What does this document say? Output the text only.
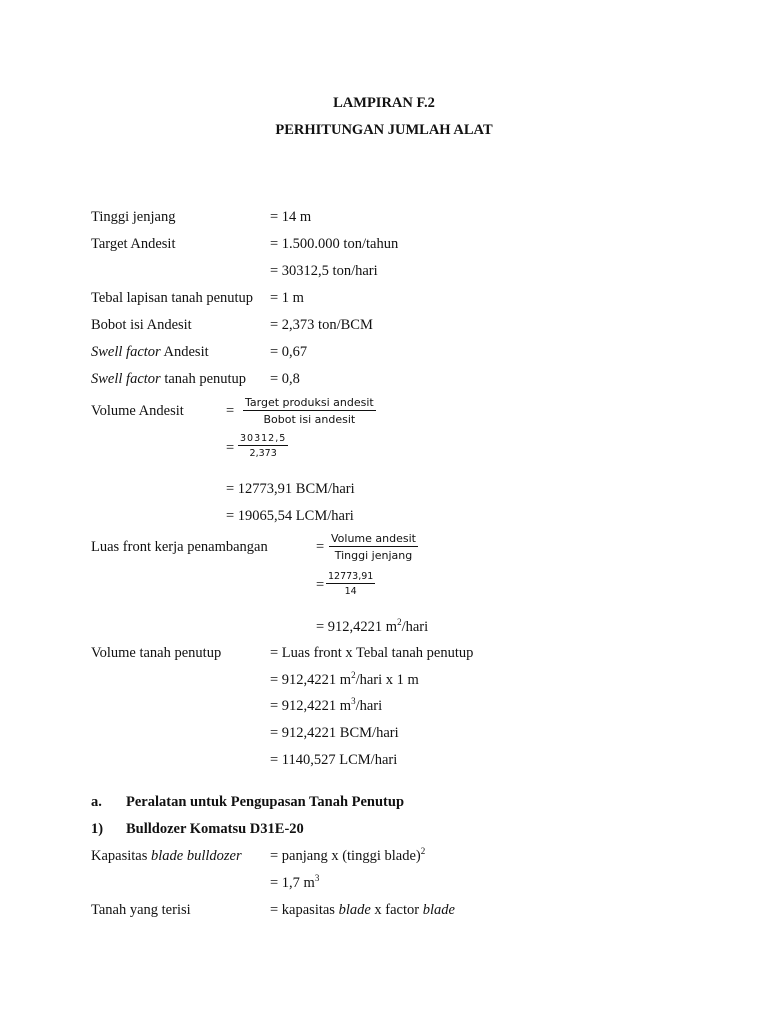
LAMPIRAN F.2
PERHITUNGAN JUMLAH ALAT
Tinggi jenjang	= 14 m
Target Andesit	= 1.500.000 ton/tahun
= 30312,5 ton/hari
Tebal lapisan tanah penutup = 1 m
Bobot isi Andesit	= 2,373 ton/BCM
Swell factor Andesit	= 0,67
Swell factor tanah penutup = 0,8
Volume Andesit	=
Target produksi andesit
Bobot isi andesit
= $\frac{30312,5}{2,373}$
= 12773,91 BCM/hari
= 19065,54 LCM/hari
Luas front kerja penambangan	=
Volume andesit
Tinggi jenjang
= $\frac{12773,91}{14}$
= 912,4221 $m^2$/hari
Volume tanah penutup	= Luas front x Tebal tanah penutup
= 912,4221 $m^2$/hari x 1 m
= 912,4221 $m^3$/hari
= 912,4221 BCM/hari
= 1140,527 LCM/hari
a. Peralatan untuk Pengupasan Tanah Penutup
1) Bulldozer Komatsu D31E-20
Kapasitas blade bulldozer = panjang x (tinggi blade)$^2$
= 1,7 $m^3$
Tanah yang terisi	= kapasitas blade x factor blade
